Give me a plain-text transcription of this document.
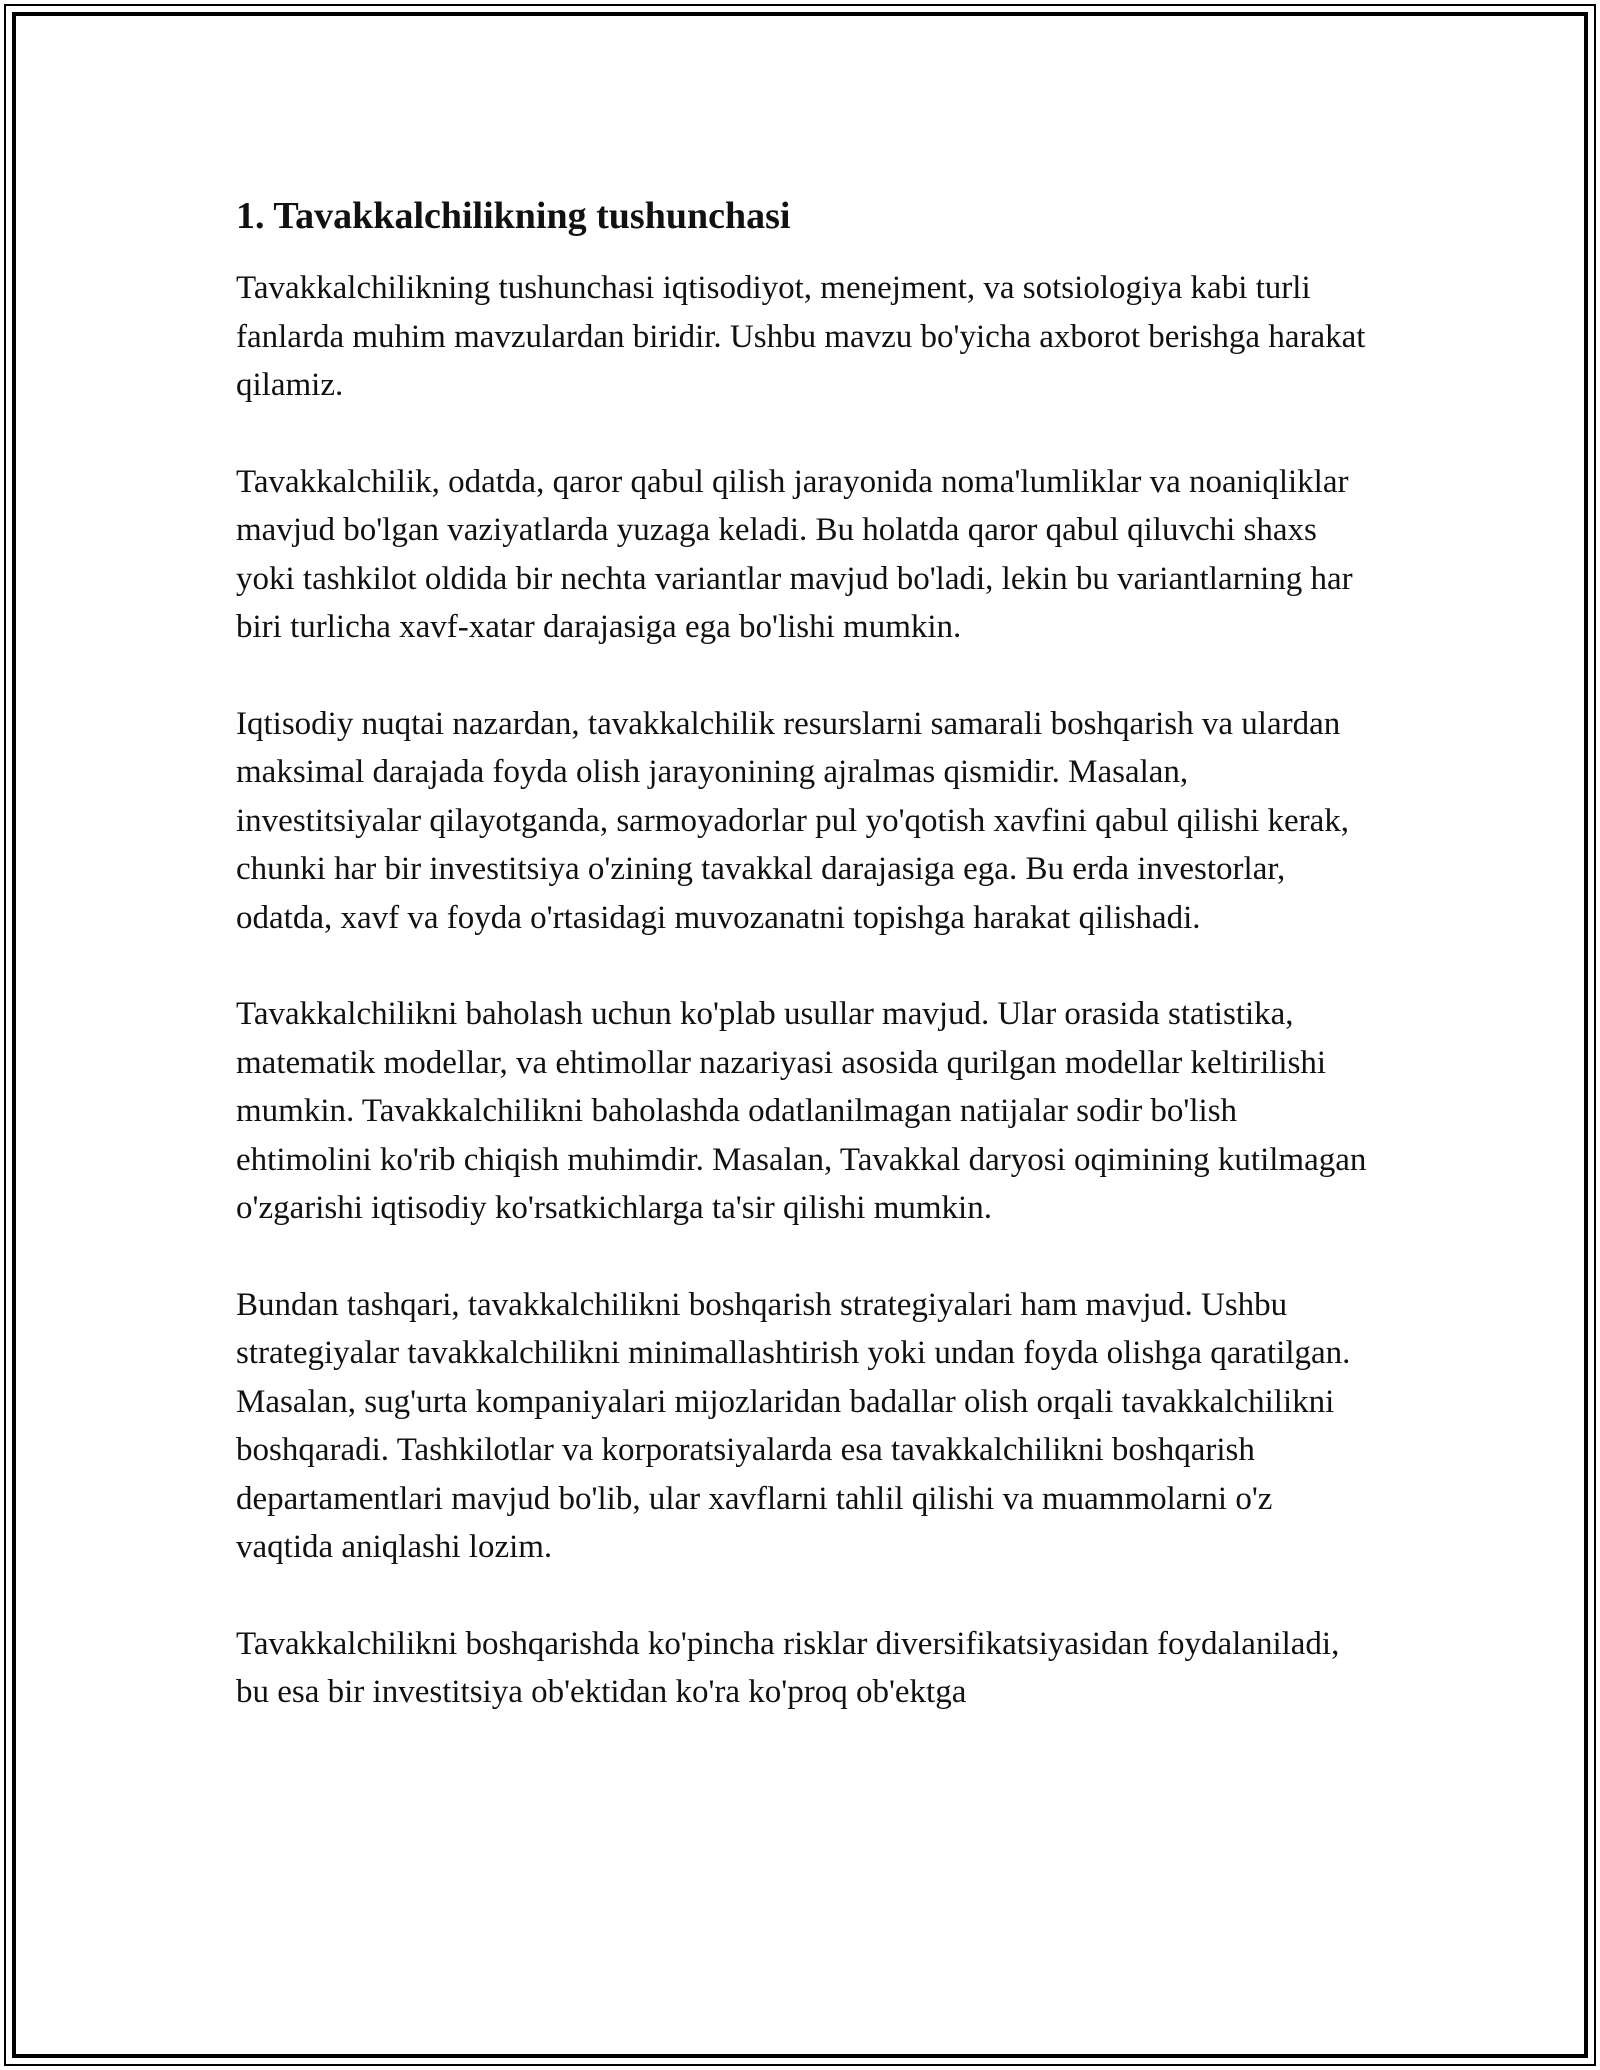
1. Tavakkalchilikning tushunchasi

Tavakkalchilikning tushunchasi iqtisodiyot, menejment, va sotsiologiya kabi turli fanlarda muhim mavzulardan biridir. Ushbu mavzu bo'yicha axborot berishga harakat qilamiz.

Tavakkalchilik, odatda, qaror qabul qilish jarayonida noma'lumliklar va noaniqliklar mavjud bo'lgan vaziyatlarda yuzaga keladi. Bu holatda qaror qabul qiluvchi shaxs yoki tashkilot oldida bir nechta variantlar mavjud bo'ladi, lekin bu variantlarning har biri turlicha xavf-xatar darajasiga ega bo'lishi mumkin.

Iqtisodiy nuqtai nazardan, tavakkalchilik resurslarni samarali boshqarish va ulardan maksimal darajada foyda olish jarayonining ajralmas qismidir. Masalan, investitsiyalar qilayotganda, sarmoyadorlar pul yo'qotish xavfini qabul qilishi kerak, chunki har bir investitsiya o'zining tavakkal darajasiga ega. Bu erda investorlar, odatda, xavf va foyda o'rtasidagi muvozanatni topishga harakat qilishadi.

Tavakkalchilikni baholash uchun ko'plab usullar mavjud. Ular orasida statistika, matematik modellar, va ehtimollar nazariyasi asosida qurilgan modellar keltirilishi mumkin. Tavakkalchilikni baholashda odatlanilmagan natijalar sodir bo'lish ehtimolini ko'rib chiqish muhimdir. Masalan, Tavakkal daryosi oqimining kutilmagan o'zgarishi iqtisodiy ko'rsatkichlarga ta'sir qilishi mumkin.

Bundan tashqari, tavakkalchilikni boshqarish strategiyalari ham mavjud. Ushbu strategiyalar tavakkalchilikni minimallashtirish yoki undan foyda olishga qaratilgan. Masalan, sug'urta kompaniyalari mijozlaridan badallar olish orqali tavakkalchilikni boshqaradi. Tashkilotlar va korporatsiyalarda esa tavakkalchilikni boshqarish departamentlari mavjud bo'lib, ular xavflarni tahlil qilishi va muammolarni o'z vaqtida aniqlashi lozim.

Tavakkalchilikni boshqarishda ko'pincha risklar diversifikatsiyasidan foydalaniladi, bu esa bir investitsiya ob'ektidan ko'ra ko'proq ob'ektga
